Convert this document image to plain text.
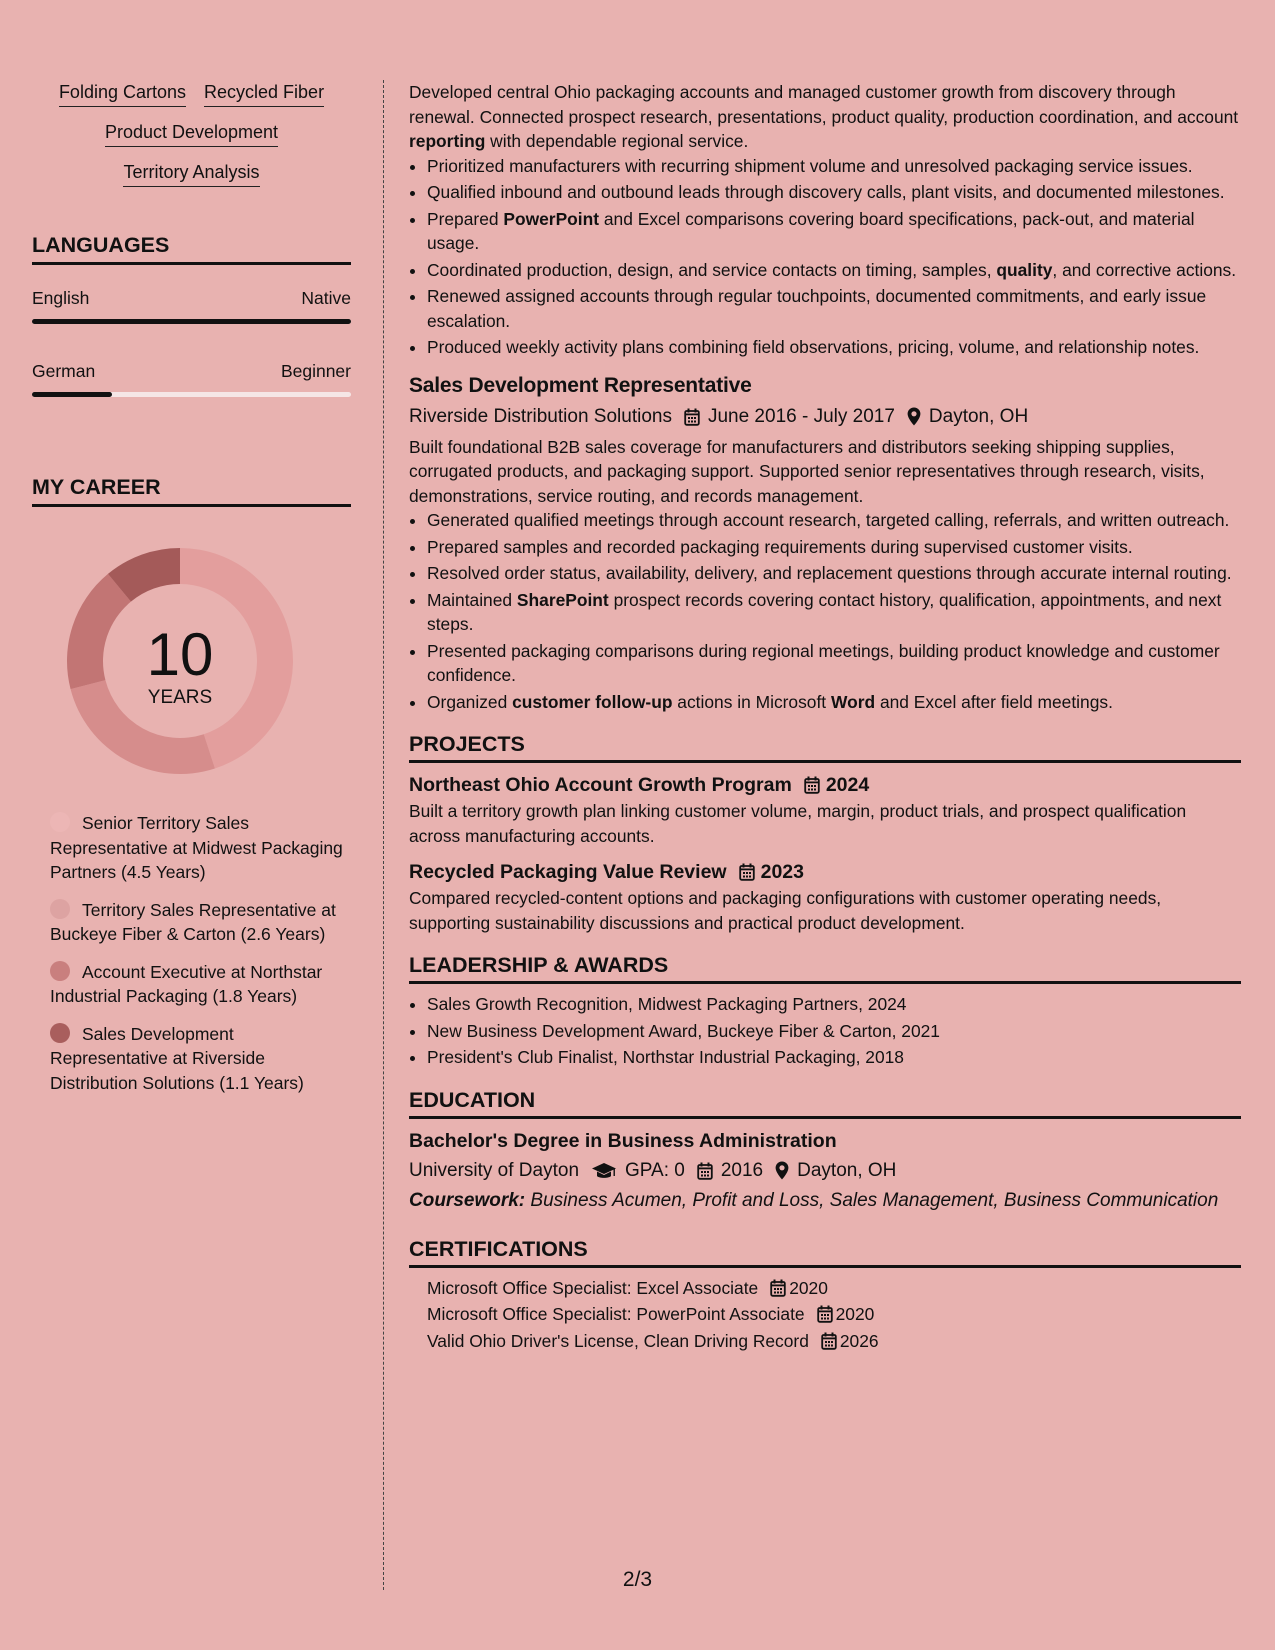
Folding Cartons Recycled Fiber
Product Development
Territory Analysis
LANGUAGES
English	Native
German	Beginner
MY CAREER
10
YEARS
Senior Territory Sales Representative at Midwest Packaging Partners (4.5 Years)
Territory Sales Representative at Buckeye Fiber & Carton (2.6 Years)
Account Executive at Northstar Industrial Packaging (1.8 Years)
Sales Development Representative at Riverside Distribution Solutions (1.1 Years)

Developed central Ohio packaging accounts and managed customer growth from discovery through renewal. Connected prospect research, presentations, product quality, production coordination, and account reporting with dependable regional service.

• Prioritized manufacturers with recurring shipment volume and unresolved packaging service issues.
• Qualified inbound and outbound leads through discovery calls, plant visits, and documented milestones.
• Prepared PowerPoint and Excel comparisons covering board specifications, pack-out, and material usage.
• Coordinated production, design, and service contacts on timing, samples, quality, and corrective actions.
• Renewed assigned accounts through regular touchpoints, documented commitments, and early issue escalation.
• Produced weekly activity plans combining field observations, pricing, volume, and relationship notes.
Sales Development Representative
Riverside Distribution Solutions June 2016 - July 2017 Dayton, OH

Built foundational B2B sales coverage for manufacturers and distributors seeking shipping supplies, corrugated products, and packaging support. Supported senior representatives through research, visits, demonstrations, service routing, and records management.

• Generated qualified meetings through account research, targeted calling, referrals, and written outreach.
• Prepared samples and recorded packaging requirements during supervised customer visits.
• Resolved order status, availability, delivery, and replacement questions through accurate internal routing.
• Maintained SharePoint prospect records covering contact history, qualification, appointments, and next steps.
• Presented packaging comparisons during regional meetings, building product knowledge and customer confidence.
• Organized customer follow-up actions in Microsoft Word and Excel after field meetings.
PROJECTS
Northeast Ohio Account Growth Program 2024

Built a territory growth plan linking customer volume, margin, product trials, and prospect qualification across manufacturing accounts.

Recycled Packaging Value Review 2023

Compared recycled-content options and packaging configurations with customer operating needs, supporting sustainability discussions and practical product development.

LEADERSHIP & AWARDS
• Sales Growth Recognition, Midwest Packaging Partners, 2024
• New Business Development Award, Buckeye Fiber & Carton, 2021
• President's Club Finalist, Northstar Industrial Packaging, 2018
EDUCATION
Bachelor's Degree in Business Administration
University of Dayton GPA: 0 2016 Dayton, OH

Coursework: Business Acumen, Profit and Loss, Sales Management, Business Communication

CERTIFICATIONS
Microsoft Office Specialist: Excel Associate 2020
Microsoft Office Specialist: PowerPoint Associate 2020
Valid Ohio Driver's License, Clean Driving Record 2026
2/3
